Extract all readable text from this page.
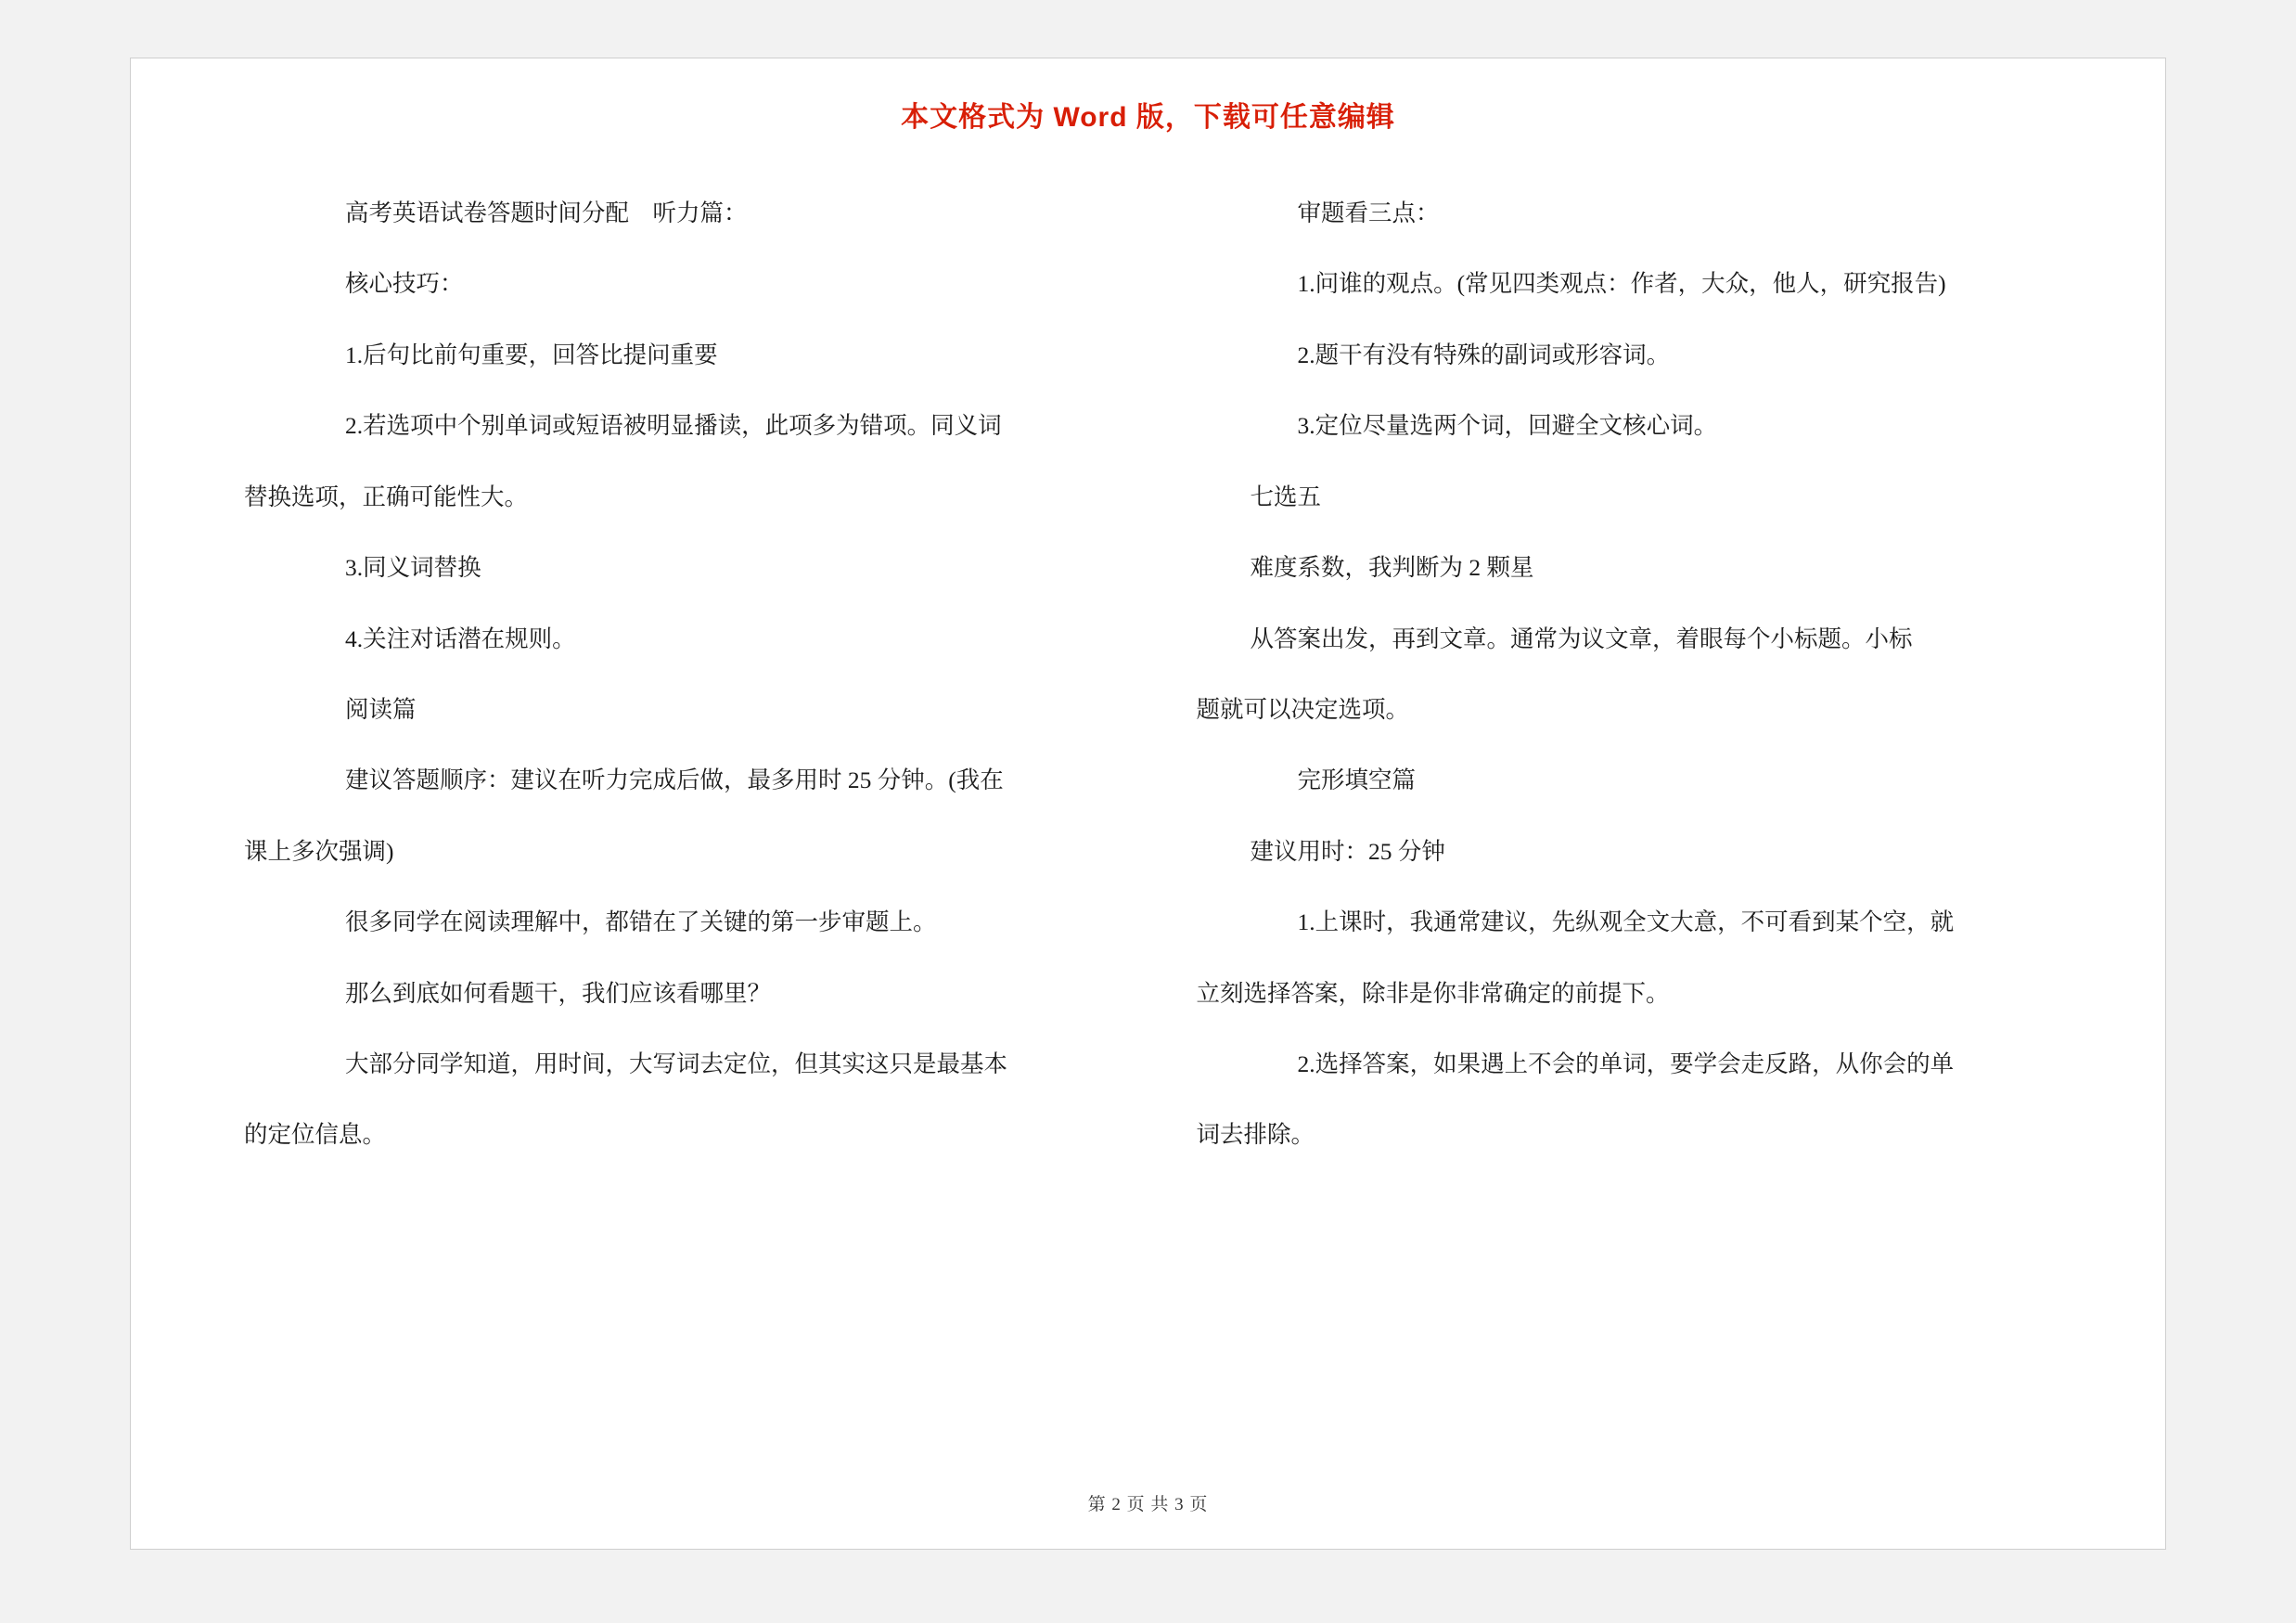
本文格式为 Word 版，下载可任意编辑

高考英语试卷答题时间分配    听力篇：

核心技巧：

1.后句比前句重要，回答比提问重要

2.若选项中个别单词或短语被明显播读，此项多为错项。同义词

替换选项，正确可能性大。

3.同义词替换

4.关注对话潜在规则。

阅读篇

建议答题顺序：建议在听力完成后做，最多用时 25 分钟。(我在

课上多次强调)

很多同学在阅读理解中，都错在了关键的第一步审题上。

那么到底如何看题干，我们应该看哪里？

大部分同学知道，用时间，大写词去定位，但其实这只是最基本

的定位信息。

审题看三点：

1.问谁的观点。(常见四类观点：作者，大众，他人，研究报告)

2.题干有没有特殊的副词或形容词。

3.定位尽量选两个词，回避全文核心词。

七选五

难度系数，我判断为 2 颗星

从答案出发，再到文章。通常为议文章，着眼每个小标题。小标

题就可以决定选项。

完形填空篇

建议用时：25 分钟

1.上课时，我通常建议，先纵观全文大意，不可看到某个空，就

立刻选择答案，除非是你非常确定的前提下。

2.选择答案，如果遇上不会的单词，要学会走反路，从你会的单

词去排除。

第 2 页 共 3 页
